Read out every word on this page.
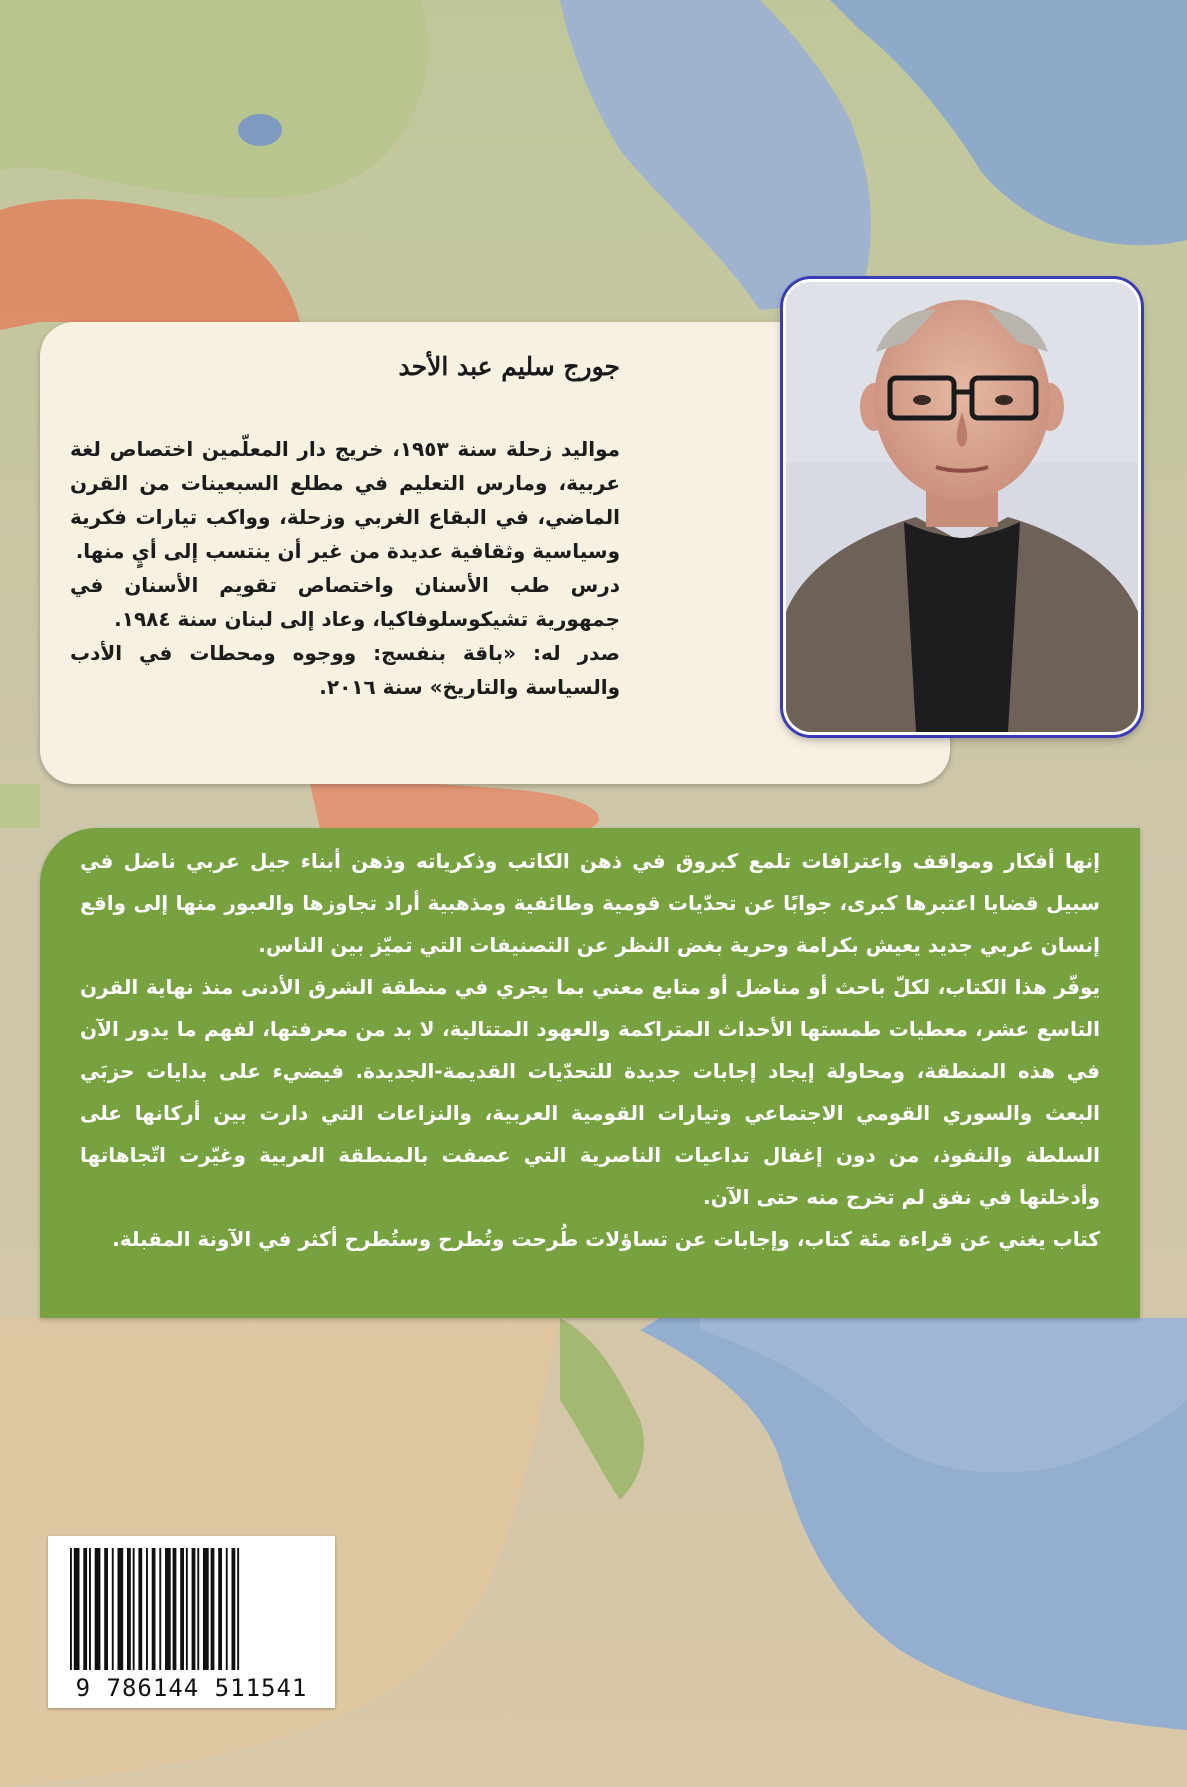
جورج سليم عبد الأحد

مواليد زحلة سنة ١٩٥٣، خريج دار المعلّمين اختصاص لغة عربية، ومارس التعليم في مطلع السبعينات من القرن الماضي، في البقاع الغربي وزحلة، وواكب تيارات فكرية وسياسية وثقافية عديدة من غير أن ينتسب إلى أيٍ منها.

درس طب الأسنان واختصاص تقويم الأسنان في جمهورية تشيكوسلوفاكيا، وعاد إلى لبنان سنة ١٩٨٤.

صدر له: «باقة بنفسج: ووجوه ومحطات في الأدب والسياسة والتاريخ» سنة ٢٠١٦.

إنها أفكار ومواقف واعترافات تلمع كبروق في ذهن الكاتب وذكرياته وذهن أبناء جيل عربي ناضل في سبيل قضايا اعتبرها كبرى، جوابًا عن تحدّيات قومية وطائفية ومذهبية أراد تجاوزها والعبور منها إلى واقع إنسان عربي جديد يعيش بكرامة وحرية بغض النظر عن التصنيفات التي تميّز بين الناس.

يوفّر هذا الكتاب، لكلّ باحث أو مناضل أو متابع معني بما يجري في منطقة الشرق الأدنى منذ نهاية القرن التاسع عشر، معطيات طمستها الأحداث المتراكمة والعهود المتتالية، لا بد من معرفتها، لفهم ما يدور الآن في هذه المنطقة، ومحاولة إيجاد إجابات جديدة للتحدّيات القديمة-الجديدة. فيضيء على بدايات حزبَي البعث والسوري القومي الاجتماعي وتيارات القومية العربية، والنزاعات التي دارت بين أركانها على السلطة والنفوذ، من دون إغفال تداعيات الناصرية التي عصفت بالمنطقة العربية وغيّرت اتّجاهاتها وأدخلتها في نفق لم تخرج منه حتى الآن.

كتاب يغني عن قراءة مئة كتاب، وإجابات عن تساؤلات طُرحت وتُطرح وستُطرح أكثر في الآونة المقبلة.

9 786144 511541
